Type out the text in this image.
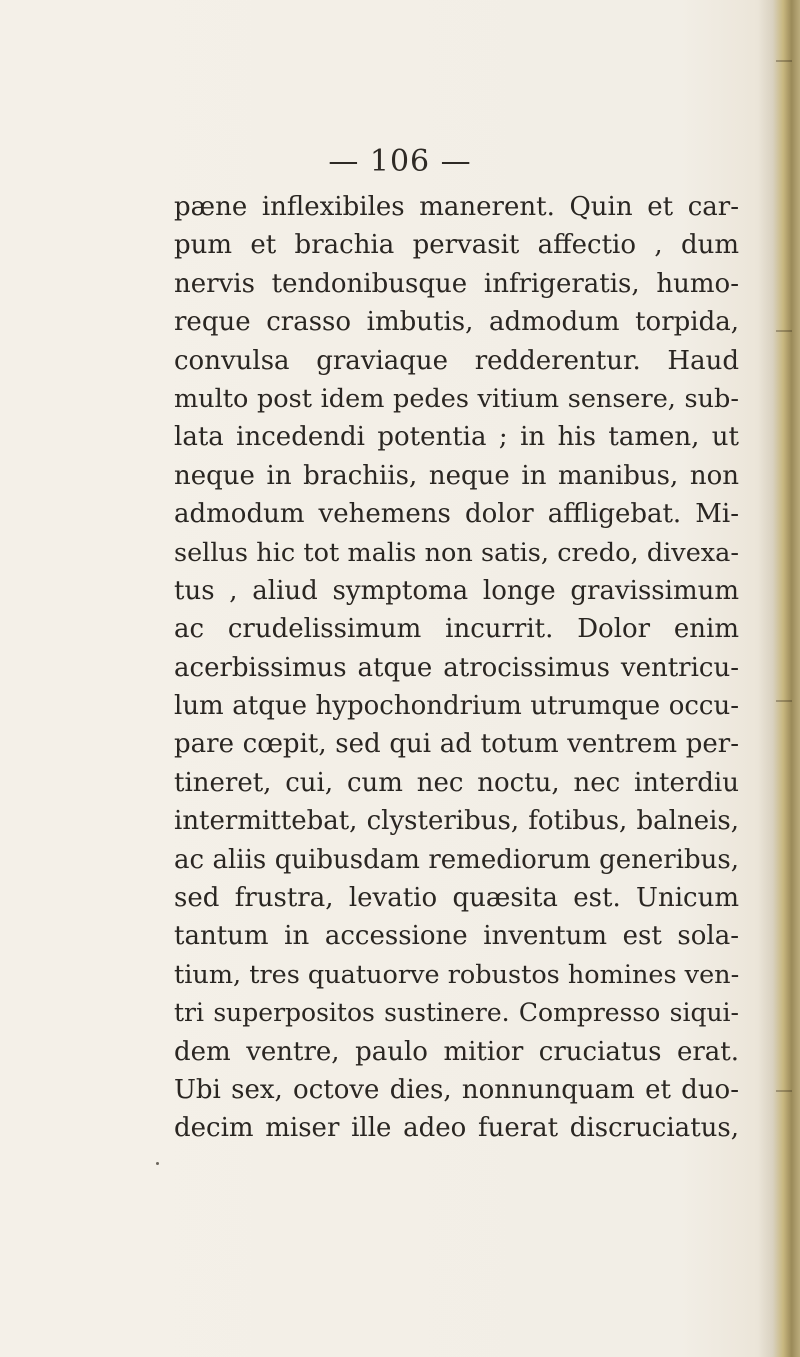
— 106 —
pæne inflexibiles manerent. Quin et car-
pum et brachia pervasit affectio , dum
nervis tendonibusque infrigeratis, humo-
reque crasso imbutis, admodum torpida,
convulsa graviaque redderentur. Haud
multo post idem pedes vitium sensere, sub-
lata incedendi potentia ; in his tamen, ut
neque in brachiis, neque in manibus, non
admodum vehemens dolor affligebat. Mi-
sellus hic tot malis non satis, credo, divexa-
tus , aliud symptoma longe gravissimum
ac crudelissimum incurrit. Dolor enim
acerbissimus atque atrocissimus ventricu-
lum atque hypochondrium utrumque occu-
pare cœpit, sed qui ad totum ventrem per-
tineret, cui, cum nec noctu, nec interdiu
intermittebat, clysteribus, fotibus, balneis,
ac aliis quibusdam remediorum generibus,
sed frustra, levatio quæsita est. Unicum
tantum in accessione inventum est sola-
tium, tres quatuorve robustos homines ven-
tri superpositos sustinere. Compresso siqui-
dem ventre, paulo mitior cruciatus erat.
Ubi sex, octove dies, nonnunquam et duo-
decim miser ille adeo fuerat discruciatus,
